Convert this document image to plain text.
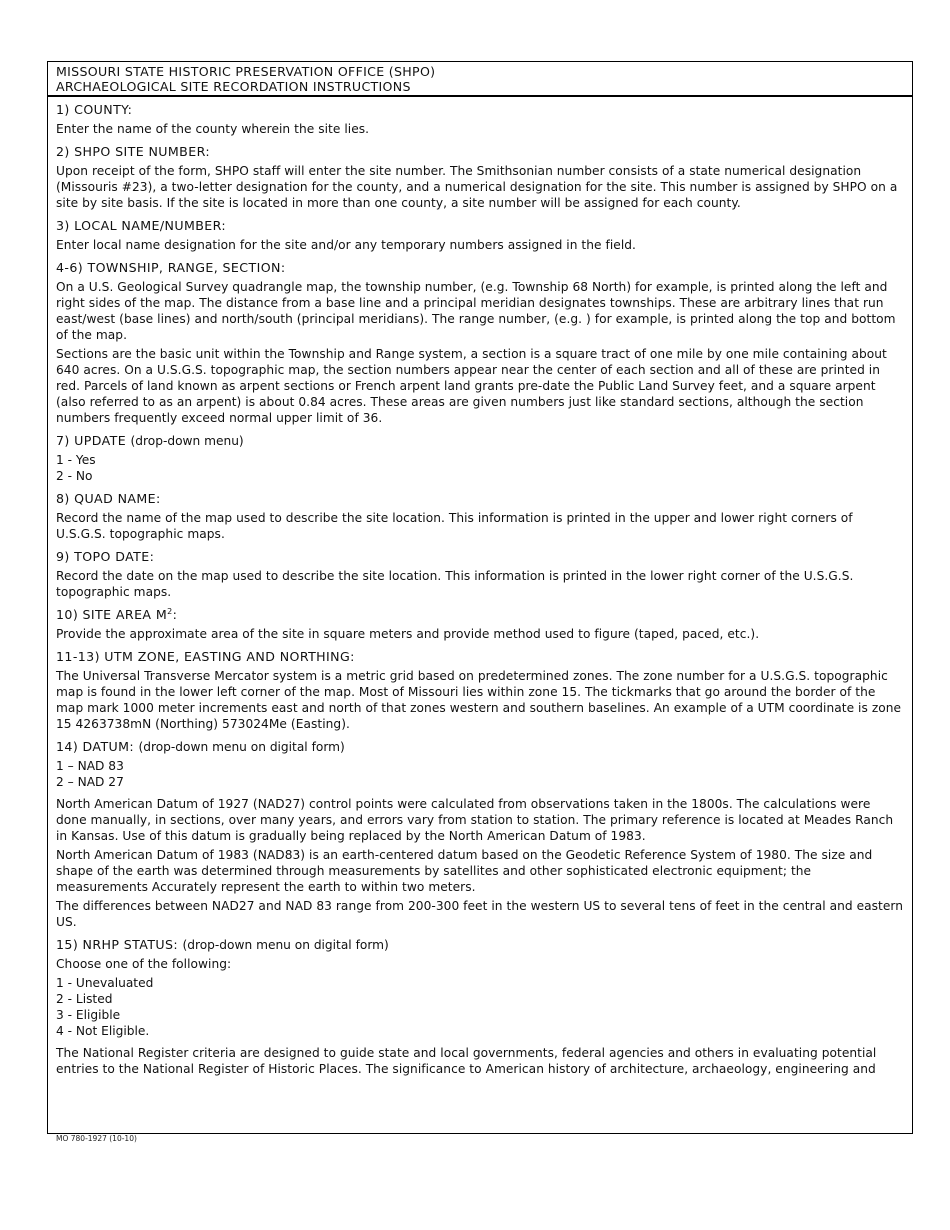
MISSOURI STATE HISTORIC PRESERVATION OFFICE (SHPO)
ARCHAEOLOGICAL SITE RECORDATION INSTRUCTIONS
1) COUNTY:
Enter the name of the county wherein the site lies.
2) SHPO SITE NUMBER:
Upon receipt of the form, SHPO staff will enter the site number. The Smithsonian number consists of a state numerical designation (Missouris #23), a two-letter designation for the county, and a numerical designation for the site. This number is assigned by SHPO on a site by site basis. If the site is located in more than one county, a site number will be assigned for each county.
3) LOCAL NAME/NUMBER:
Enter local name designation for the site and/or any temporary numbers assigned in the field.
4-6) TOWNSHIP, RANGE, SECTION:
On a U.S. Geological Survey quadrangle map, the township number, (e.g. Township 68 North) for example, is printed along the left and right sides of the map. The distance from a base line and a principal meridian designates townships. These are arbitrary lines that run east/west (base lines) and north/south (principal meridians). The range number, (e.g. ) for example, is printed along the top and bottom of the map.
Sections are the basic unit within the Township and Range system, a section is a square tract of one mile by one mile containing about 640 acres. On a U.S.G.S. topographic map, the section numbers appear near the center of each section and all of these are printed in red. Parcels of land known as arpent sections or French arpent land grants pre-date the Public Land Survey feet, and a square arpent (also referred to as an arpent) is about 0.84 acres. These areas are given numbers just like standard sections, although the section numbers frequently exceed normal upper limit of 36.
7) UPDATE (drop-down menu)
1 - Yes
2 - No
8) QUAD NAME:
Record the name of the map used to describe the site location. This information is printed in the upper and lower right corners of U.S.G.S. topographic maps.
9) TOPO DATE:
Record the date on the map used to describe the site location. This information is printed in the lower right corner of the U.S.G.S. topographic maps.
10) SITE AREA $M^2$:
Provide the approximate area of the site in square meters and provide method used to figure (taped, paced, etc.).
11-13) UTM ZONE, EASTING AND NORTHING:
The Universal Transverse Mercator system is a metric grid based on predetermined zones. The zone number for a U.S.G.S. topographic map is found in the lower left corner of the map. Most of Missouri lies within zone 15. The tickmarks that go around the border of the map mark 1000 meter increments east and north of that zones western and southern baselines. An example of a UTM coordinate is zone 15 4263738mN (Northing) 573024Me (Easting).
14) DATUM: (drop-down menu on digital form)
1 – NAD 83
2 – NAD 27
North American Datum of 1927 (NAD27) control points were calculated from observations taken in the 1800s. The calculations were done manually, in sections, over many years, and errors vary from station to station. The primary reference is located at Meades Ranch in Kansas. Use of this datum is gradually being replaced by the North American Datum of 1983.
North American Datum of 1983 (NAD83) is an earth-centered datum based on the Geodetic Reference System of 1980. The size and shape of the earth was determined through measurements by satellites and other sophisticated electronic equipment; the measurements Accurately represent the earth to within two meters.
The differences between NAD27 and NAD 83 range from 200-300 feet in the western US to several tens of feet in the central and eastern US.
15) NRHP STATUS: (drop-down menu on digital form)
Choose one of the following:
1 - Unevaluated
2 - Listed
3 - Eligible
4 - Not Eligible.
The National Register criteria are designed to guide state and local governments, federal agencies and others in evaluating potential entries to the National Register of Historic Places. The significance to American history of architecture, archaeology, engineering and
MO 780-1927 (10-10)
